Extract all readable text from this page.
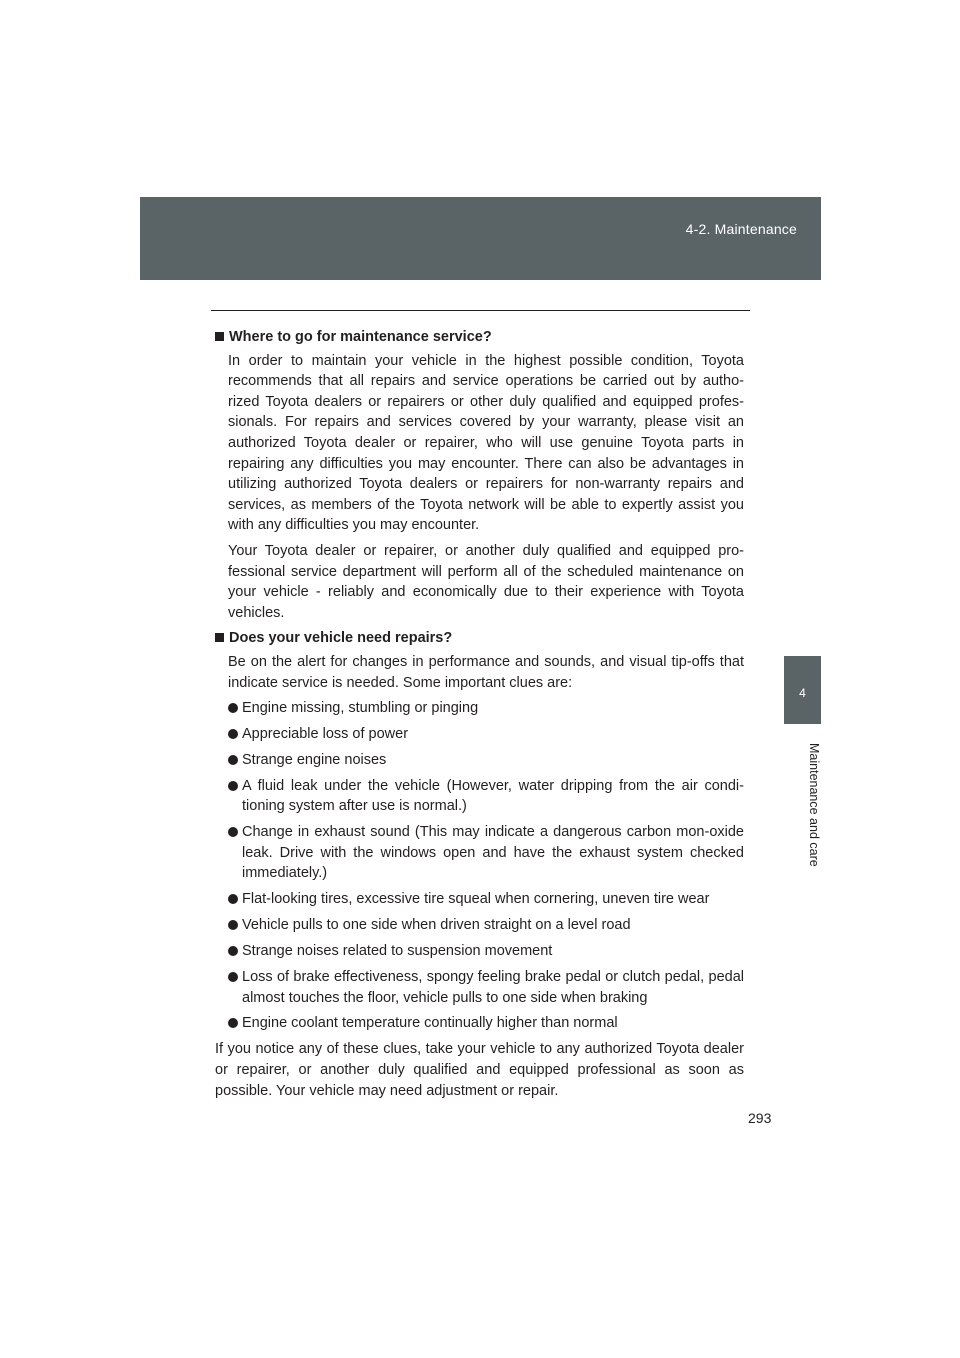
4-2. Maintenance
4
Maintenance and care
Where to go for maintenance service?

In order to maintain your vehicle in the highest possible condition, Toyota recommends that all repairs and service operations be carried out by autho-rized Toyota dealers or repairers or other duly qualified and equipped profes-sionals. For repairs and services covered by your warranty, please visit an authorized Toyota dealer or repairer, who will use genuine Toyota parts in repairing any difficulties you may encounter. There can also be advantages in utilizing authorized Toyota dealers or repairers for non-warranty repairs and services, as members of the Toyota network will be able to expertly assist you with any difficulties you may encounter.

Your Toyota dealer or repairer, or another duly qualified and equipped pro-fessional service department will perform all of the scheduled maintenance on your vehicle - reliably and economically due to their experience with Toyota vehicles.

Does your vehicle need repairs?

Be on the alert for changes in performance and sounds, and visual tip-offs that indicate service is needed. Some important clues are:

Engine missing, stumbling or pinging
Appreciable loss of power
Strange engine noises
A fluid leak under the vehicle (However, water dripping from the air condi-tioning system after use is normal.)
Change in exhaust sound (This may indicate a dangerous carbon mon-oxide leak. Drive with the windows open and have the exhaust system checked immediately.)
Flat-looking tires, excessive tire squeal when cornering, uneven tire wear
Vehicle pulls to one side when driven straight on a level road
Strange noises related to suspension movement
Loss of brake effectiveness, spongy feeling brake pedal or clutch pedal, pedal almost touches the floor, vehicle pulls to one side when braking
Engine coolant temperature continually higher than normal

If you notice any of these clues, take your vehicle to any authorized Toyota dealer or repairer, or another duly qualified and equipped professional as soon as possible. Your vehicle may need adjustment or repair.

293
